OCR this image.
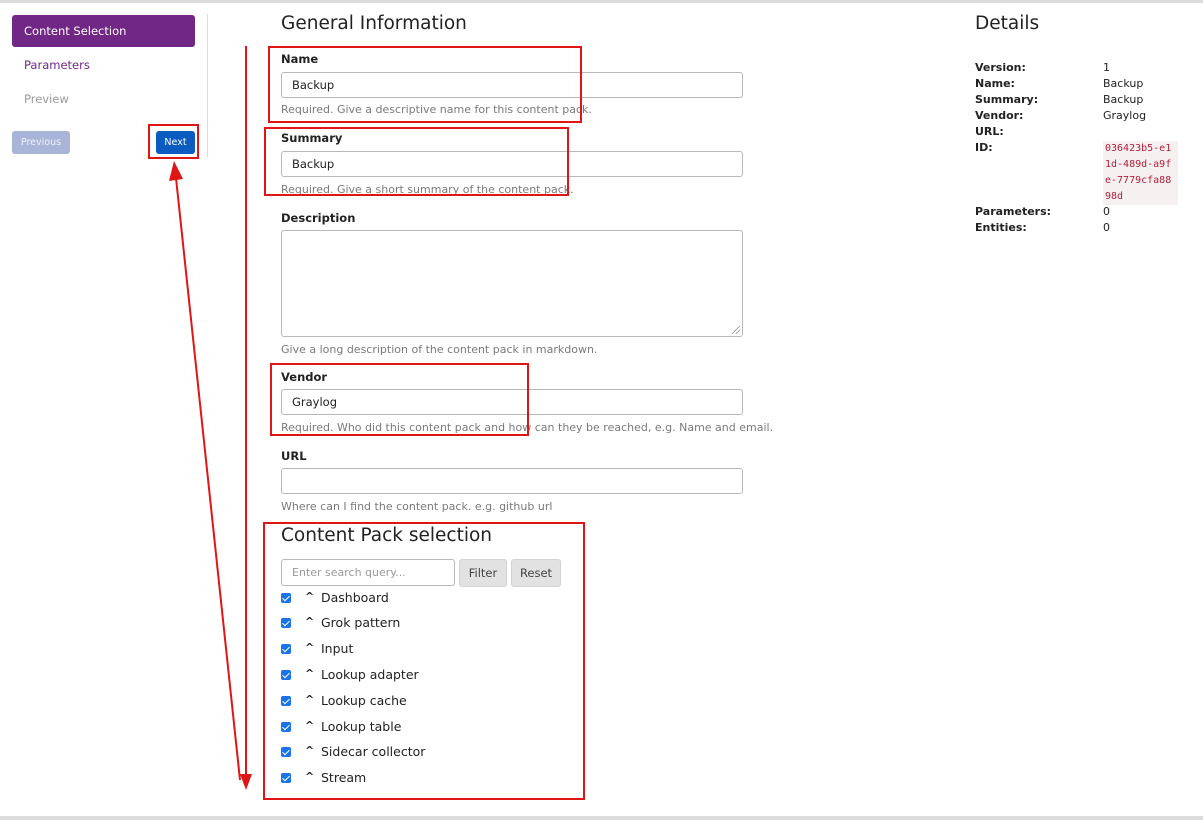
Content Selection
Parameters
Preview
Previous	Next
General Information
Name
Backup
Required. Give a descriptive name for this content pack.
Summary
Backup
Required. Give a short summary of the content pack.
Description
Give a long description of the content pack in markdown.
Vendor
Graylog
Required. Who did this content pack and how can they be reached, e.g. Name and email.
URL
Where can I find the content pack. e.g. github url
Content Pack selection
Enter search query...	Filter	Reset
^ Dashboard
^ Grok pattern
^ Input
^ Lookup adapter
^ Lookup cache
^ Lookup table
^ Sidecar collector
^ Stream
Details
Version:	1
Name:	Backup
Summary:	Backup
Vendor:	Graylog
URL:
ID:	036423b5-e11d-489d-a9fe-7779cfa8898d
Parameters:	0
Entities:	0
